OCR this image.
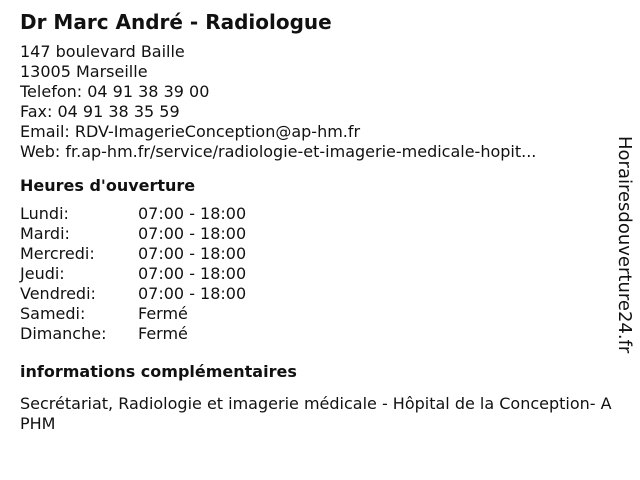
Dr Marc André - Radiologue
147 boulevard Baille
13005 Marseille
Telefon: 04 91 38 39 00
Fax: 04 91 38 35 59
Email: RDV-ImagerieConception@ap-hm.fr
Web: fr.ap-hm.fr/service/radiologie-et-imagerie-medicale-hopit...
Heures d'ouverture
Lundi:	07:00 - 18:00
Mardi:	07:00 - 18:00
Mercredi:	07:00 - 18:00
Jeudi:	07:00 - 18:00
Vendredi:	07:00 - 18:00
Samedi:	Fermé
Dimanche:	Fermé
informations complémentaires
Secrétariat, Radiologie et imagerie médicale - Hôpital de la Conception- APHM
Horairesdouverture24.fr
